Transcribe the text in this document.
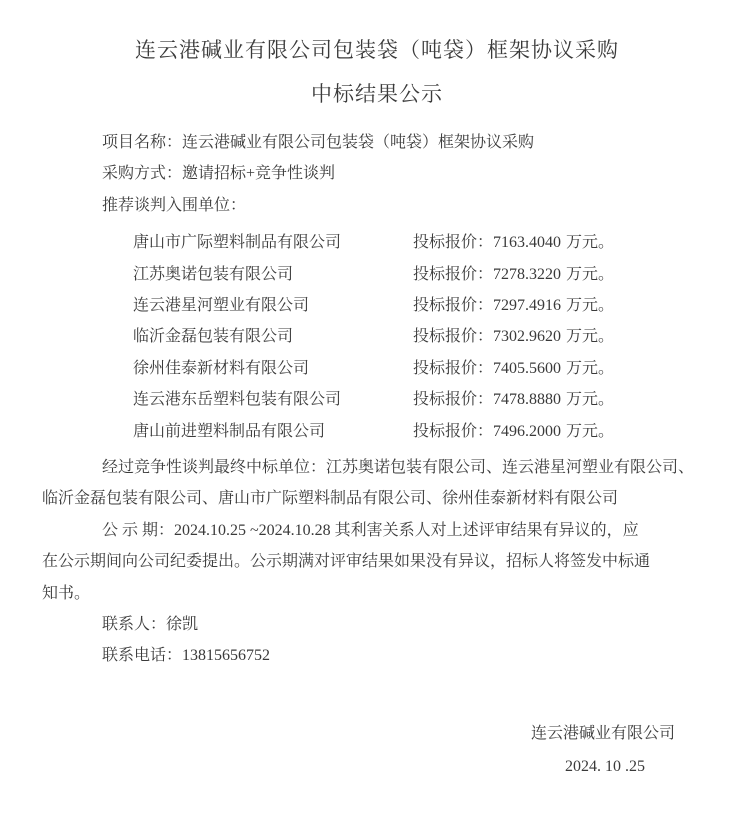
连云港碱业有限公司包装袋（吨袋）框架协议采购
中标结果公示

项目名称：连云港碱业有限公司包装袋（吨袋）框架协议采购

采购方式：邀请招标+竞争性谈判

推荐谈判入围单位：

唐山市广际塑料制品有限公司	投标报价：7163.4040 万元。
江苏奥诺包装有限公司	投标报价：7278.3220 万元。
连云港星河塑业有限公司	投标报价：7297.4916 万元。
临沂金磊包装有限公司	投标报价：7302.9620 万元。
徐州佳泰新材料有限公司	投标报价：7405.5600 万元。
连云港东岳塑料包装有限公司	投标报价：7478.8880 万元。
唐山前进塑料制品有限公司	投标报价：7496.2000 万元。

经过竞争性谈判最终中标单位：江苏奥诺包装有限公司、连云港星河塑业有限公司、

临沂金磊包装有限公司、唐山市广际塑料制品有限公司、徐州佳泰新材料有限公司

公 示 期：2024.10.25 ~2024.10.28 其利害关系人对上述评审结果有异议的，应

在公示期间向公司纪委提出。公示期满对评审结果如果没有异议，招标人将签发中标通

知书。

联系人：徐凯

联系电话：13815656752

连云港碱业有限公司

2024. 10 .25
